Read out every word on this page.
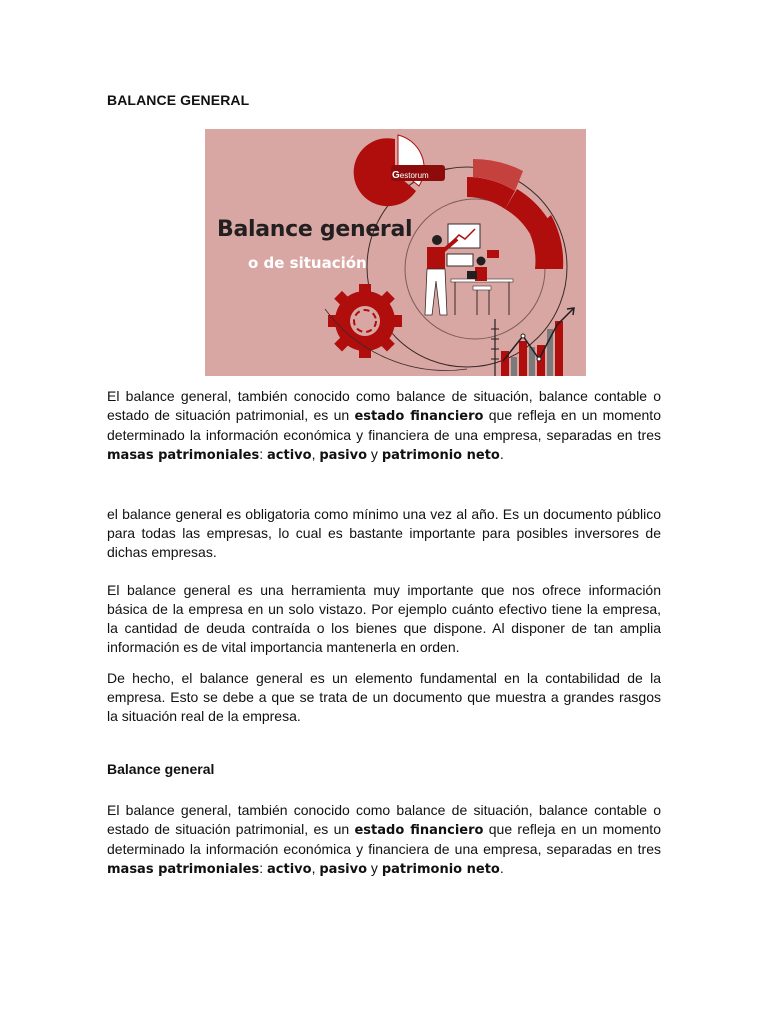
BALANCE GENERAL
Balance general
o de situación
Gestorum

El balance general, también conocido como balance de situación, balance contable o estado de situación patrimonial, es un estado financiero que refleja en un momento determinado la información económica y financiera de una empresa, separadas en tres masas patrimoniales: activo, pasivo y patrimonio neto.

el balance general es obligatoria como mínimo una vez al año. Es un documento público para todas las empresas, lo cual es bastante importante para posibles inversores de dichas empresas.

El balance general es una herramienta muy importante que nos ofrece información básica de la empresa en un solo vistazo. Por ejemplo cuánto efectivo tiene la empresa, la cantidad de deuda contraída o los bienes que dispone. Al disponer de tan amplia información es de vital importancia mantenerla en orden.

De hecho, el balance general es un elemento fundamental en la contabilidad de la empresa. Esto se debe a que se trata de un documento que muestra a grandes rasgos la situación real de la empresa.

Balance general

El balance general, también conocido como balance de situación, balance contable o estado de situación patrimonial, es un estado financiero que refleja en un momento determinado la información económica y financiera de una empresa, separadas en tres masas patrimoniales: activo, pasivo y patrimonio neto.
